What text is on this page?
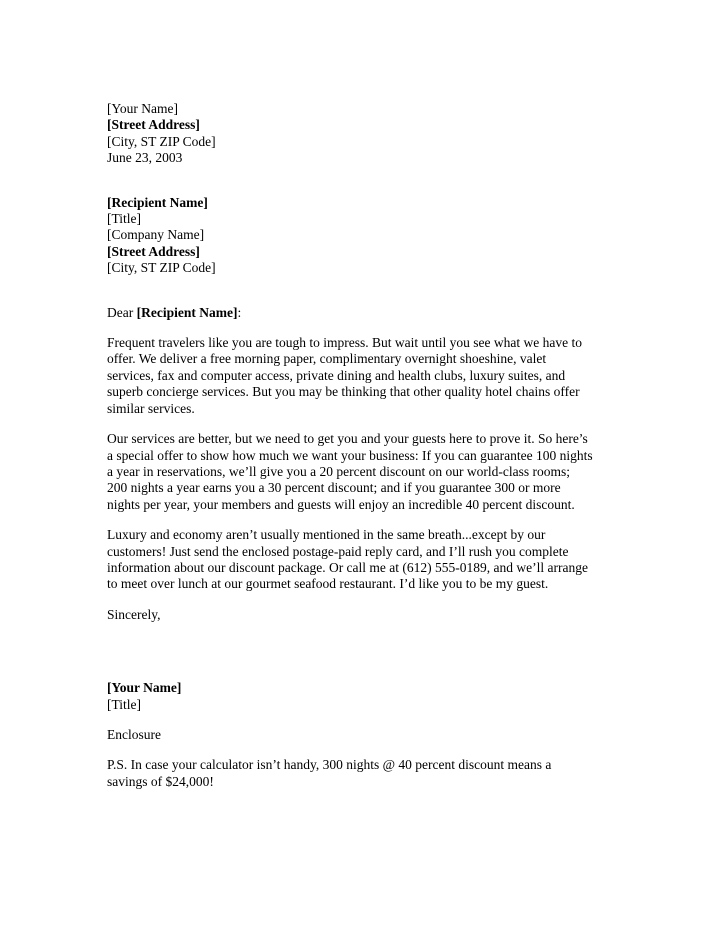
[Your Name]
[Street Address]
[City, ST ZIP Code]
June 23, 2003
[Recipient Name]
[Title]
[Company Name]
[Street Address]
[City, ST ZIP Code]

Dear [Recipient Name]:

Frequent travelers like you are tough to impress. But wait until you see what we have to
offer. We deliver a free morning paper, complimentary overnight shoeshine, valet
services, fax and computer access, private dining and health clubs, luxury suites, and
superb concierge services. But you may be thinking that other quality hotel chains offer
similar services.

Our services are better, but we need to get you and your guests here to prove it. So here’s
a special offer to show how much we want your business: If you can guarantee 100 nights
a year in reservations, we’ll give you a 20 percent discount on our world-class rooms;
200 nights a year earns you a 30 percent discount; and if you guarantee 300 or more
nights per year, your members and guests will enjoy an incredible 40 percent discount.

Luxury and economy aren’t usually mentioned in the same breath...except by our
customers! Just send the enclosed postage-paid reply card, and I’ll rush you complete
information about our discount package. Or call me at (612) 555-0189, and we’ll arrange
to meet over lunch at our gourmet seafood restaurant. I’d like you to be my guest.

Sincerely,

[Your Name]
[Title]

Enclosure

P.S. In case your calculator isn’t handy, 300 nights @ 40 percent discount means a
savings of $24,000!
